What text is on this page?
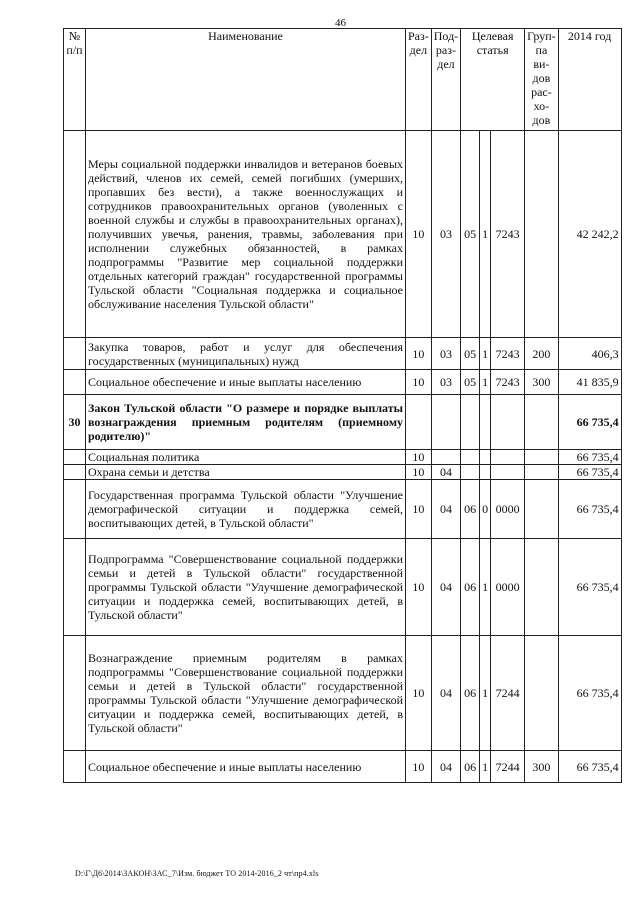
46
№ п/п	Наименование	Раз- дел	Под- раз- дел	Целевая статья			Груп- па ви- дов рас- хо- дов	2014 год
	Меры социальной поддержки инвалидов и ветеранов боевых действий, членов их семей, семей погибших (умерших, пропавших без вести), а также военнослужащих и сотрудников правоохранительных органов (уволенных с военной службы и службы в правоохранительных органах), получивших увечья, ранения, травмы, заболевания при исполнении служебных обязанностей, в рамках подпрограммы "Развитие мер социальной поддержки отдельных категорий граждан" государственной программы Тульской области "Социальная поддержка и социальное обслуживание населения Тульской области"	10	03	05	1	7243		42 242,2
	Закупка товаров, работ и услуг для обеспечения государственных (муниципальных) нужд	10	03	05	1	7243	200	406,3
	Социальное обеспечение и иные выплаты населению	10	03	05	1	7243	300	41 835,9
30	Закон Тульской области "О размере и порядке выплаты вознаграждения приемным родителям (приемному родителю)"							66 735,4
	Социальная политика	10						66 735,4
	Охрана семьи и детства	10	04					66 735,4
	Государственная программа Тульской области "Улучшение демографической ситуации и поддержка семей, воспитывающих детей, в Тульской области"	10	04	06	0	0000		66 735,4
	Подпрограмма "Совершенствование социальной поддержки семьи и детей в Тульской области" государственной программы Тульской области "Улучшение демографической ситуации и поддержка семей, воспитывающих детей, в Тульской области"	10	04	06	1	0000		66 735,4
	Вознаграждение приемным родителям в рамках подпрограммы "Совершенствование социальной поддержки семьи и детей в Тульской области" государственной программы Тульской области "Улучшение демографической ситуации и поддержка семей, воспитывающих детей, в Тульской области"	10	04	06	1	7244		66 735,4
	Социальное обеспечение и иные выплаты населению	10	04	06	1	7244	300	66 735,4
D:\Г\Д6\2014\ЗАКОН\ЗАС_7\Изм. бюджет ТО 2014-2016_2 чт\пр4.xls
